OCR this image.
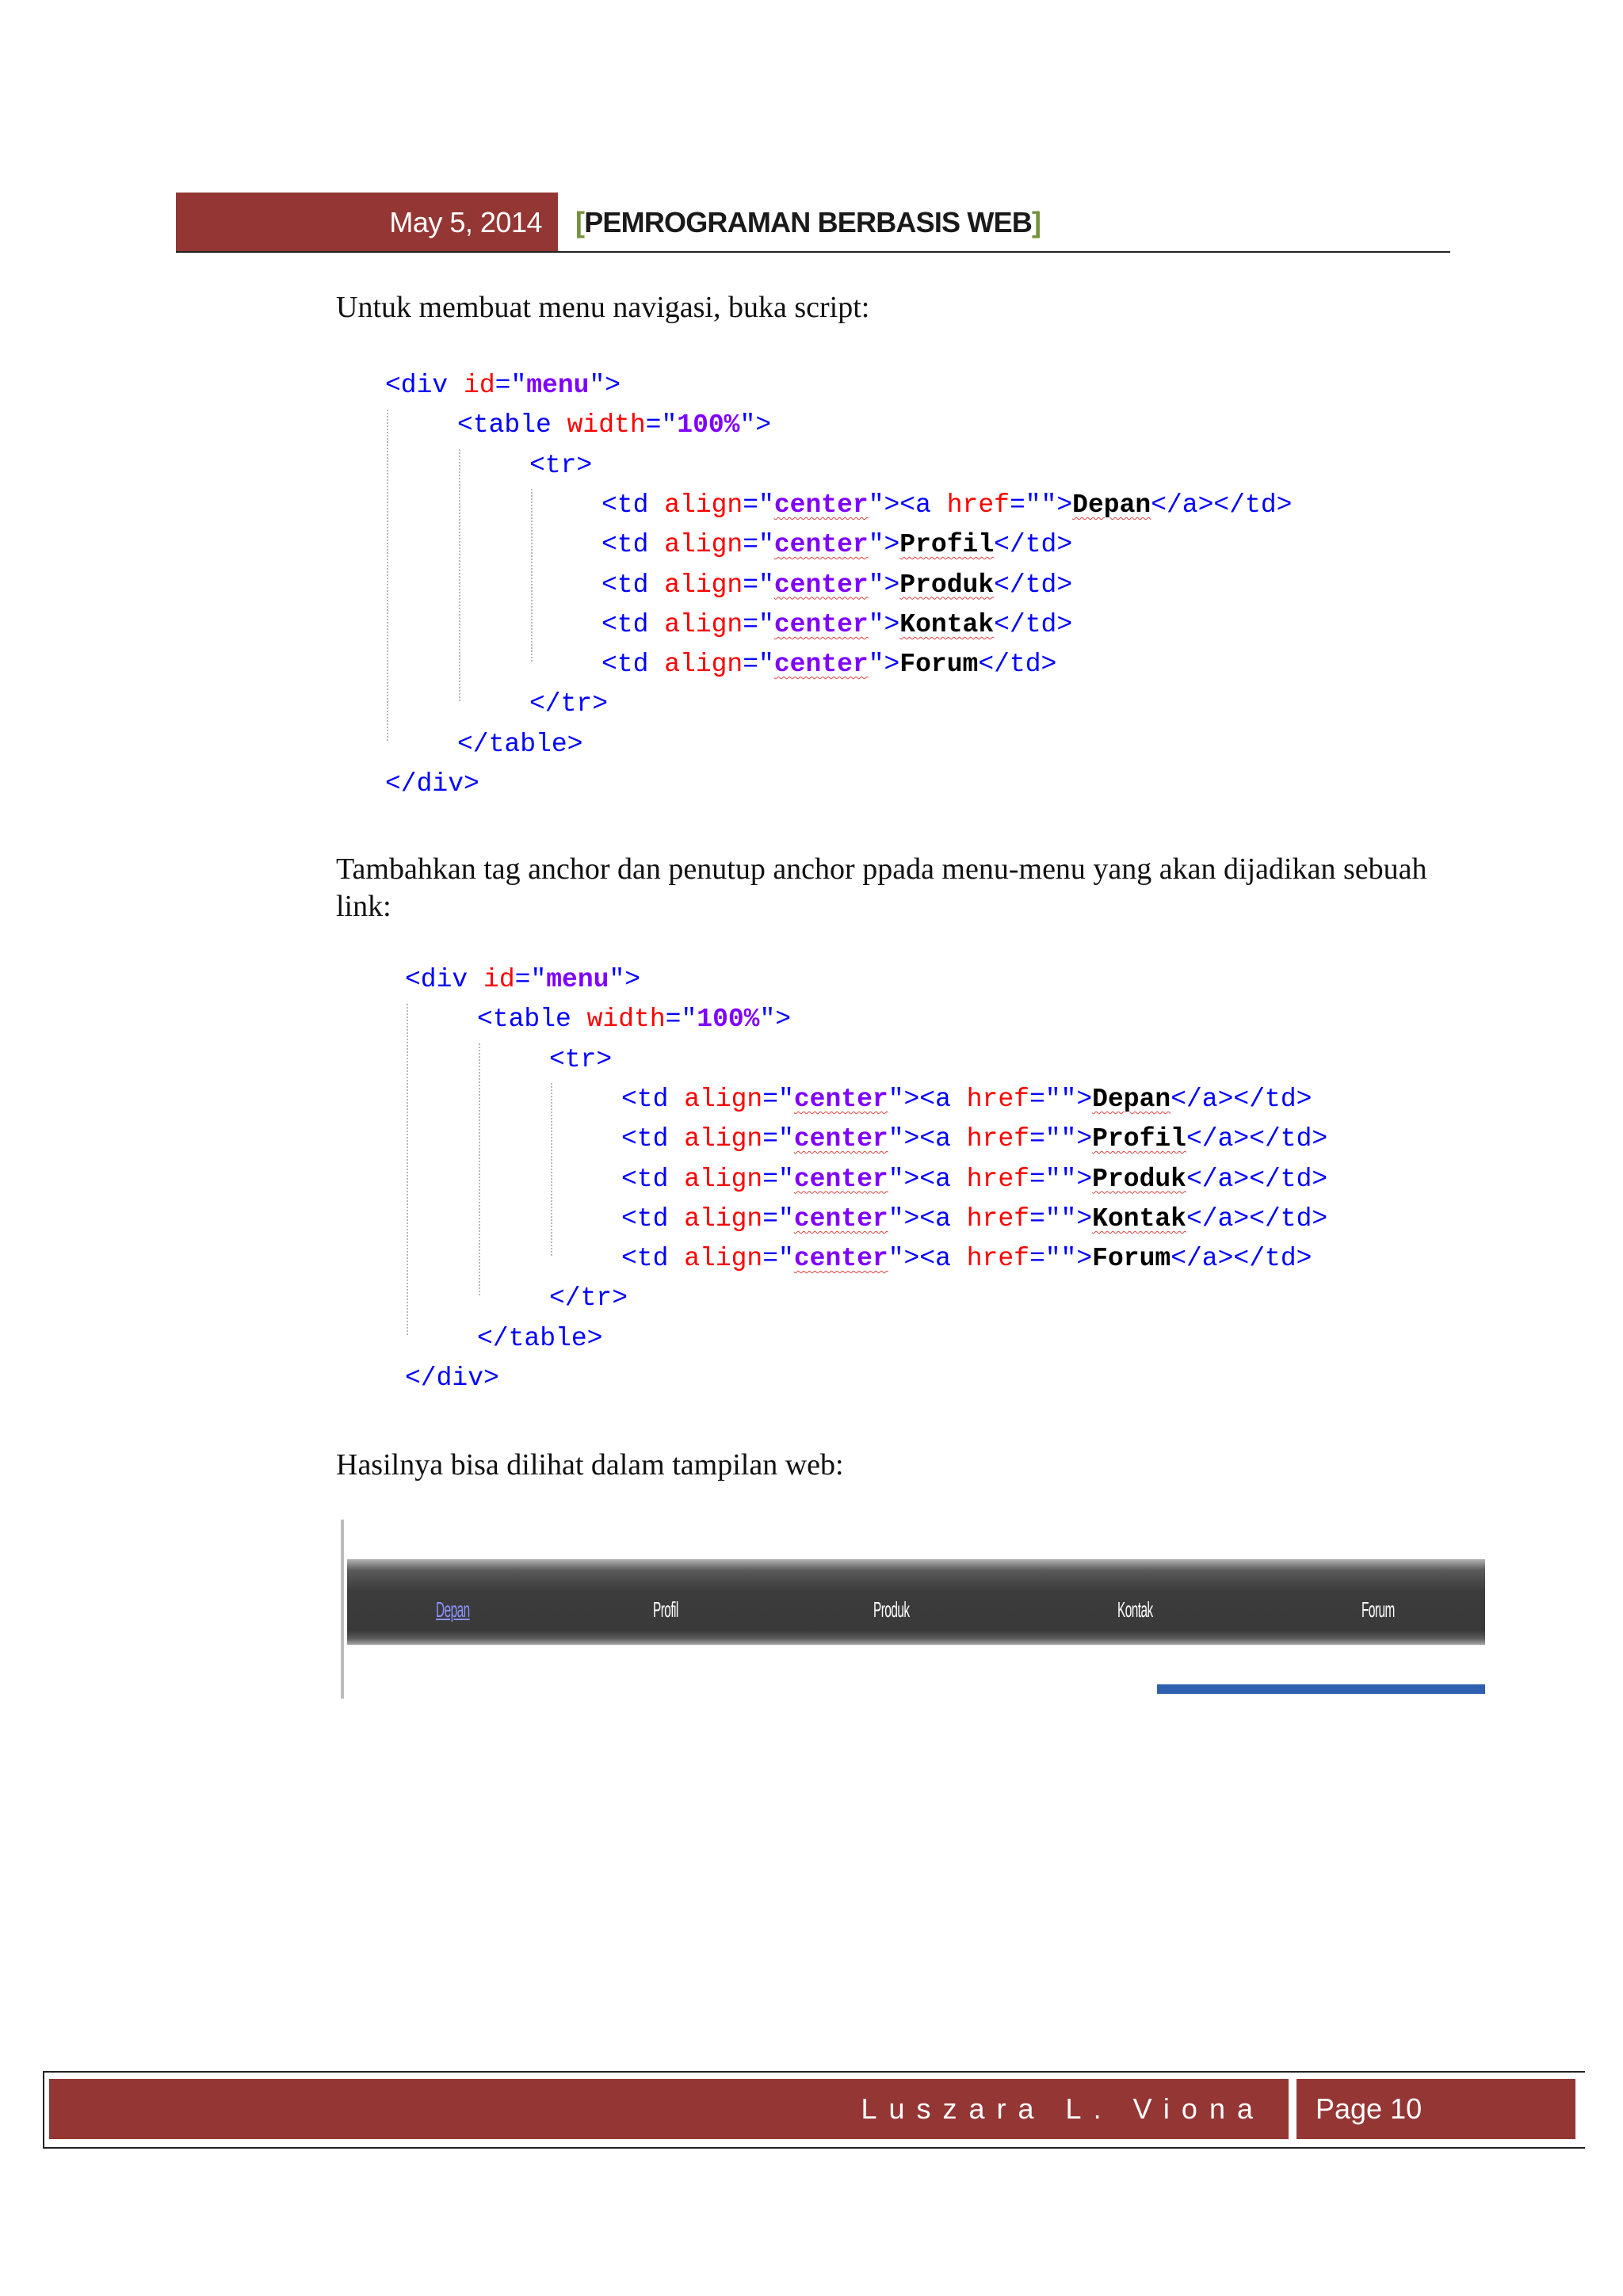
May 5, 2014	[ PEMROGRAMAN BERBASIS WEB ]
Untuk membuat menu navigasi, buka script:

<div id="menu">

<table width="100%">

<tr>

<td align="center"><a href="">Depan</a></td>

<td align="center">Profil</td>

<td align="center">Produk</td>

<td align="center">Kontak</td>

<td align="center">Forum</td>

</tr>

</table>

</div>

Tambahkan tag anchor dan penutup anchor ppada menu-menu yang akan dijadikan sebuah link:

<div id="menu">

<table width="100%">

<tr>

<td align="center"><a href="">Depan</a></td>

<td align="center"><a href="">Profil</a></td>

<td align="center"><a href="">Produk</a></td>

<td align="center"><a href="">Kontak</a></td>

<td align="center"><a href="">Forum</a></td>

</tr>

</table>

</div>

Hasilnya bisa dilihat dalam tampilan web:
Depan	Profil	Produk	Kontak	Forum
Luszara L. Viona	Page 10
